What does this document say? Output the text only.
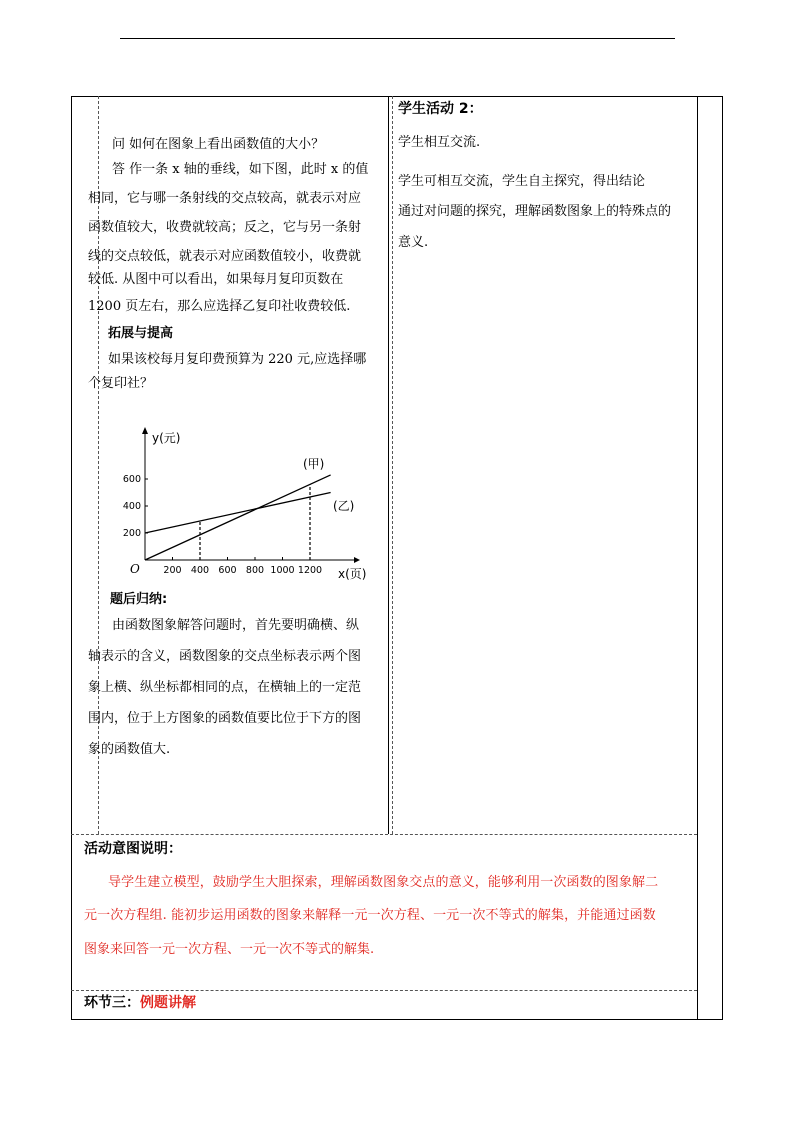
问 如何在图象上看出函数值的大小？
答 作一条 x 轴的垂线，如下图，此时 x 的值
相同，它与哪一条射线的交点较高，就表示对应
函数值较大，收费就较高；反之，它与另一条射
线的交点较低，就表示对应函数值较小，收费就
较低. 从图中可以看出，如果每月复印页数在
1200 页左右，那么应选择乙复印社收费较低.
拓展与提高
如果该校每月复印费预算为 220 元,应选择哪
个复印社？
y(元)
x(页)
O 200 400 600 800 1000 1200
200
400
600
(甲)
(乙)
题后归纳:
由函数图象解答问题时，首先要明确横、纵
轴表示的含义，函数图象的交点坐标表示两个图
象上横、纵坐标都相同的点，在横轴上的一定范
围内，位于上方图象的函数值要比位于下方的图
象的函数值大.
学生活动 2：
学生相互交流.
学生可相互交流，学生自主探究，得出结论
通过对问题的探究，理解函数图象上的特殊点的
意义.
活动意图说明：
导学生建立模型，鼓励学生大胆探索，理解函数图象交点的意义，能够利用一次函数的图象解二
元一次方程组. 能初步运用函数的图象来解释一元一次方程、一元一次不等式的解集，并能通过函数
图象来回答一元一次方程、一元一次不等式的解集.
环节三：例题讲解
